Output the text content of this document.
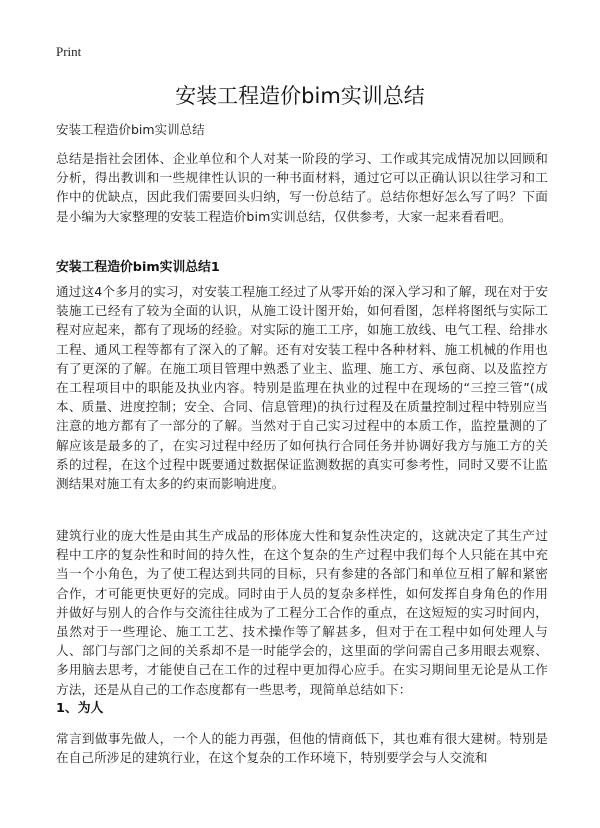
Print
安装工程造价bim实训总结
安装工程造价bim实训总结

总结是指社会团体、企业单位和个人对某一阶段的学习、工作或其完成情况加以回顾和分析，得出教训和一些规律性认识的一种书面材料，通过它可以正确认识以往学习和工作中的优缺点，因此我们需要回头归纳，写一份总结了。总结你想好怎么写了吗？下面是小编为大家整理的安装工程造价bim实训总结，仅供参考，大家一起来看看吧。

安装工程造价bim实训总结1

通过这4个多月的实习，对安装工程施工经过了从零开始的深入学习和了解，现在对于安装施工已经有了较为全面的认识，从施工设计图开始，如何看图，怎样将图纸与实际工程对应起来，都有了现场的经验。对实际的施工工序，如施工放线、电气工程、给排水工程、通风工程等都有了深入的了解。还有对安装工程中各种材料、施工机械的作用也有了更深的了解。在施工项目管理中熟悉了业主、监理、施工方、承包商、以及监控方在工程项目中的职能及执业内容。特别是监理在执业的过程中在现场的“三控三管”(成本、质量、进度控制；安全、合同、信息管理)的执行过程及在质量控制过程中特别应当注意的地方都有了一部分的了解。当然对于自己实习过程中的本质工作，监控量测的了解应该是最多的了，在实习过程中经历了如何执行合同任务并协调好我方与施工方的关系的过程，在这个过程中既要通过数据保证监测数据的真实可参考性，同时又要不让监测结果对施工有太多的约束而影响进度。

建筑行业的庞大性是由其生产成品的形体庞大性和复杂性决定的，这就决定了其生产过程中工序的复杂性和时间的持久性，在这个复杂的生产过程中我们每个人只能在其中充当一个小角色，为了使工程达到共同的目标，只有参建的各部门和单位互相了解和紧密合作，才可能更快更好的完成。同时由于人员的复杂多样性，如何发挥自身角色的作用并做好与别人的合作与交流往往成为了工程分工合作的重点，在这短短的实习时间内，虽然对于一些理论、施工工艺、技术操作等了解甚多，但对于在工程中如何处理人与人、部门与部门之间的关系却不是一时能学会的，这里面的学问需自己多用眼去观察、多用脑去思考，才能使自己在工作的过程中更加得心应手。在实习期间里无论是从工作方法，还是从自己的工作态度都有一些思考，现简单总结如下：

1、为人

常言到做事先做人，一个人的能力再强，但他的情商低下，其也难有很大建树。特别是在自己所涉足的建筑行业，在这个复杂的工作环境下，特别要学会与人交流和
